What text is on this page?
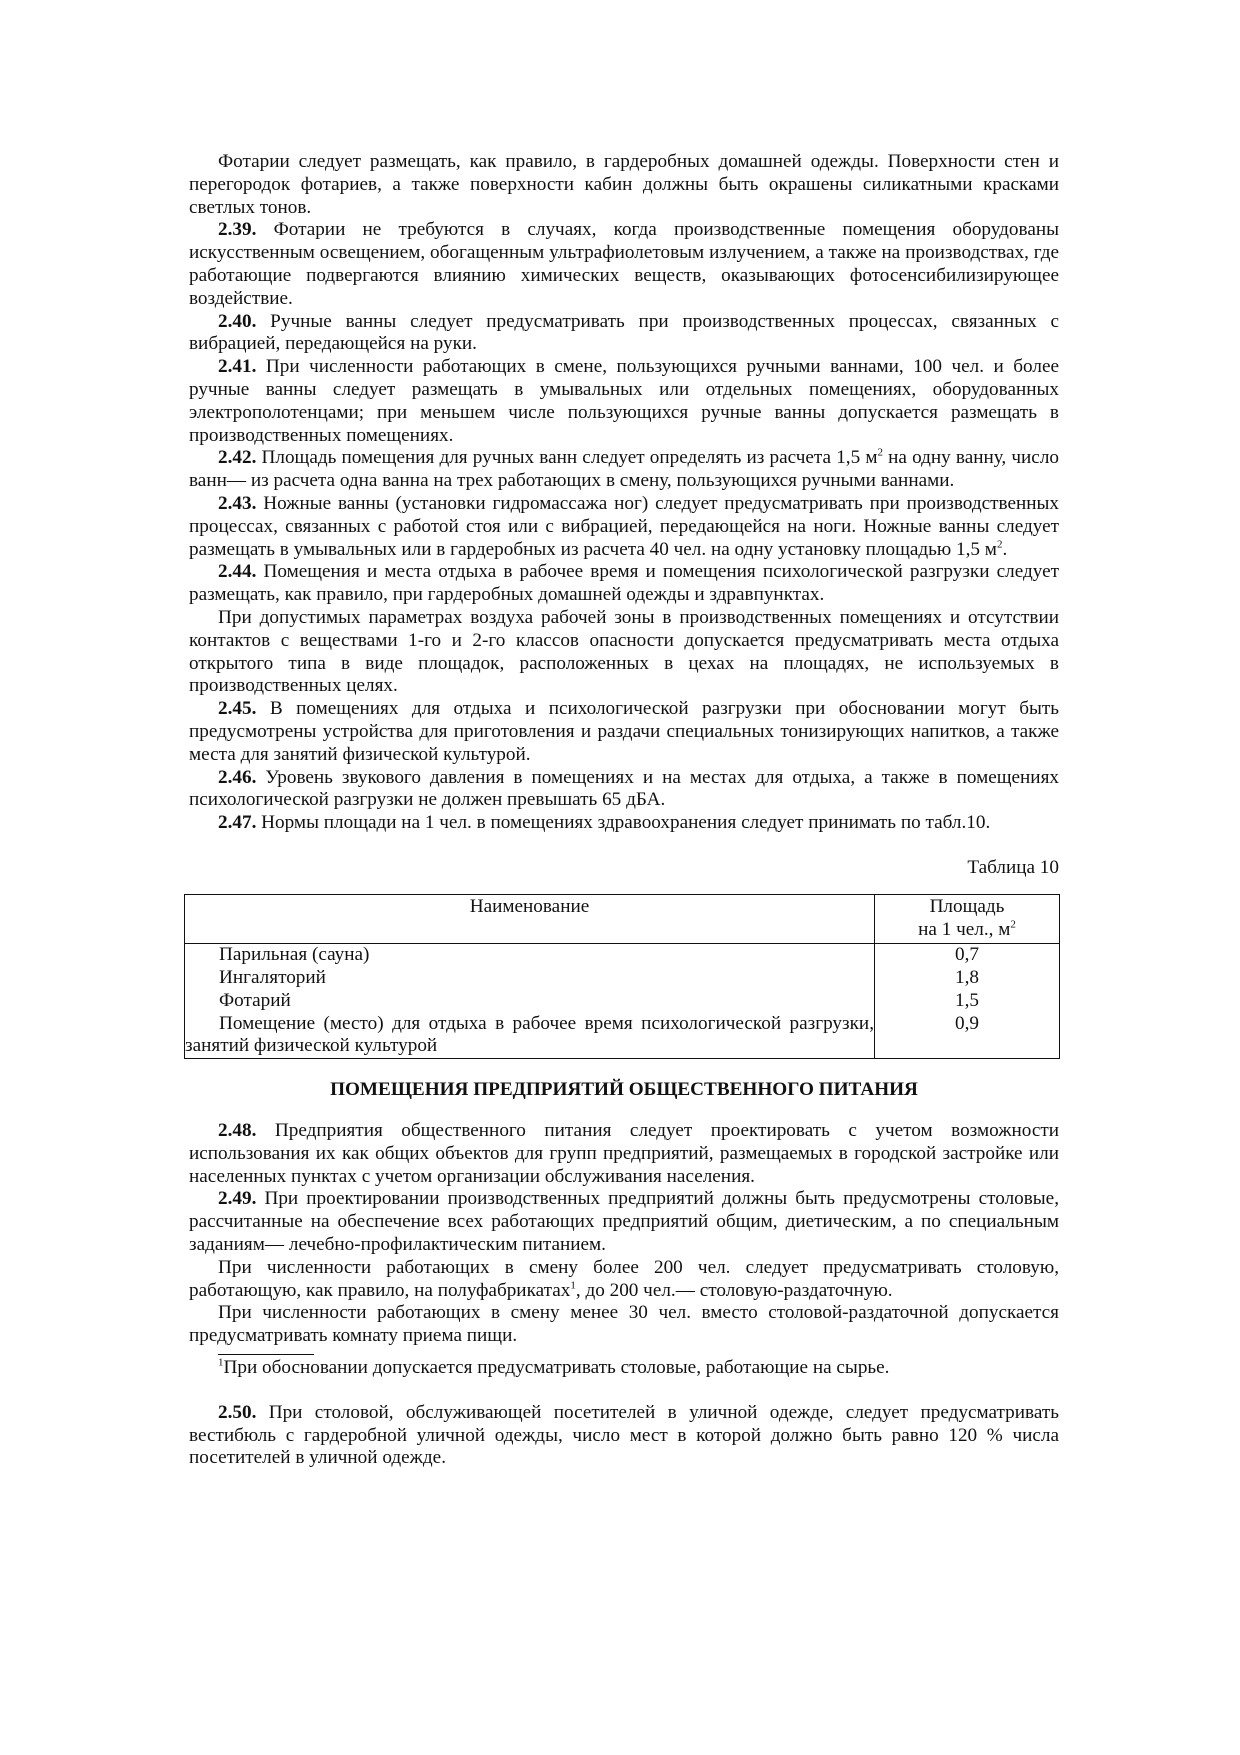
Фотарии следует размещать, как правило, в гардеробных домашней одежды. Поверхности стен и перегородок фотариев, а также поверхности кабин должны быть окрашены силикатными красками светлых тонов.

2.39. Фотарии не требуются в случаях, когда производственные помещения оборудованы искусственным освещением, обогащенным ультрафиолетовым излучением, а также на производствах, где работающие подвергаются влиянию химических веществ, оказывающих фотосенсибилизирующее воздействие.

2.40. Ручные ванны следует предусматривать при производственных процессах, связанных с вибрацией, передающейся на руки.

2.41. При численности работающих в смене, пользующихся ручными ваннами, 100 чел. и более ручные ванны следует размещать в умывальных или отдельных помещениях, оборудованных электрополотенцами; при меньшем числе пользующихся ручные ванны допускается размещать в производственных помещениях.

2.42. Площадь помещения для ручных ванн следует определять из расчета 1,5 $м^2$ на одну ванну, число ванн— из расчета одна ванна на трех работающих в смену, пользующихся ручными ваннами.

2.43. Ножные ванны (установки гидромассажа ног) следует предусматривать при производственных процессах, связанных с работой стоя или с вибрацией, передающейся на ноги. Ножные ванны следует размещать в умывальных или в гардеробных из расчета 40 чел. на одну установку площадью 1,5 $м^2$.

2.44. Помещения и места отдыха в рабочее время и помещения психологической разгрузки следует размещать, как правило, при гардеробных домашней одежды и здравпунктах.

При допустимых параметрах воздуха рабочей зоны в производственных помещениях и отсутствии контактов с веществами 1-го и 2-го классов опасности допускается предусматривать места отдыха открытого типа в виде площадок, расположенных в цехах на площадях, не используемых в производственных целях.

2.45. В помещениях для отдыха и психологической разгрузки при обосновании могут быть предусмотрены устройства для приготовления и раздачи специальных тонизирующих напитков, а также места для занятий физической культурой.

2.46. Уровень звукового давления в помещениях и на местах для отдыха, а также в помещениях психологической разгрузки не должен превышать 65 дБА.

2.47. Нормы площади на 1 чел. в помещениях здравоохранения следует принимать по табл.10.

Таблица 10
Наименование	Площадь
на 1 чел., $м^2$
Парильная (сауна)	0,7
Ингаляторий	1,8
Фотарий	1,5
Помещение (место) для отдыха в рабочее время психологической разгрузки, занятий физической культурой	0,9

ПОМЕЩЕНИЯ ПРЕДПРИЯТИЙ ОБЩЕСТВЕННОГО ПИТАНИЯ

2.48. Предприятия общественного питания следует проектировать с учетом возможности использования их как общих объектов для групп предприятий, размещаемых в городской застройке или населенных пунктах с учетом организации обслуживания населения.

2.49. При проектировании производственных предприятий должны быть предусмотрены столовые, рассчитанные на обеспечение всех работающих предприятий общим, диетическим, а по специальным заданиям— лечебно-профилактическим питанием.

При численности работающих в смену более 200 чел. следует предусматривать столовую, работающую, как правило, на полуфабрикатах$^1$, до 200 чел.— столовую-раздаточную.

При численности работающих в смену менее 30 чел. вместо столовой-раздаточной допускается предусматривать комнату приема пищи.

$^1$При обосновании допускается предусматривать столовые, работающие на сырье.

2.50. При столовой, обслуживающей посетителей в уличной одежде, следует предусматривать вестибюль с гардеробной уличной одежды, число мест в которой должно быть равно 120 % числа посетителей в уличной одежде.
